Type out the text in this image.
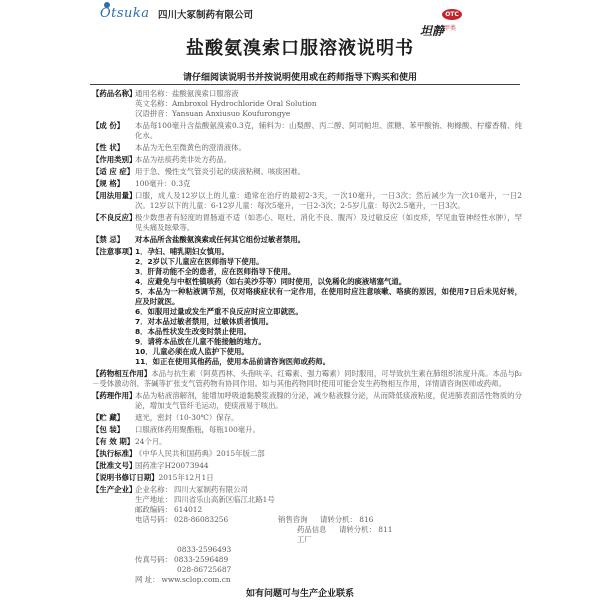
Otsuka 四川大冢制药有限公司	OTC
甲类
坦静
盐酸氨溴索口服溶液说明书
请仔细阅读说明书并按说明使用或在药师指导下购买和使用
【药品名称】
通用名称：盐酸氨溴索口服溶液
英文名称：Ambroxol Hydrochloride Oral Solution
汉语拼音：Yansuan Anxiusuo Koufurongye
【成 份】	本品每100毫升含盐酸氨溴索0.3克，辅料为：山梨醇、丙二醇、阿司帕坦、蔗糖、苯甲酸钠、枸橼酸、柠檬香精、纯化水。
【性 状】	本品为无色至微黄色的澄清液体。
【作用类别】
本品为祛痰药类非处方药品。
【适 应 症】 用于急、慢性支气管炎引起的痰液粘稠、咳痰困难。
【规 格】	100毫升：0.3克
【用法用量】
口服，成人及12岁以上的儿童：通常在治疗的最初2-3天，一次10毫升，一日3次；然后减少为一次10毫升，一日2次。12岁以下的儿童：6-12岁儿童：每次5毫升，一日2-3次；2-5岁儿童：每次2.5毫升，一日3次。
【不良反应】
极少数患者有轻度的胃肠道不适（如恶心、呕吐、消化不良、腹泻）及过敏反应（如皮疹，罕见血管神经性水肿），罕见头痛及眩晕等。
【禁 忌】	对本品所含盐酸氨溴索或任何其它组份过敏者禁用。
【注意事项】
1．孕妇、哺乳期妇女慎用。
2．2岁以下儿童应在医师指导下使用。
3．肝肾功能不全的患者，应在医师指导下使用。
4．应避免与中枢性镇咳药（如右美沙芬等）同时使用，以免稀化的痰液堵塞气道。
5．本品为一种粘液调节剂，仅对咯痰症状有一定作用，在使用时应注意咳嗽、咯痰的原因，如使用7日后未见好转，应及时就医。
6．如服用过量或发生严重不良反应时应立即就医。
7．对本品过敏者禁用，过敏体质者慎用。
8．本品性状发生改变时禁止使用。
9．请将本品放在儿童不能接触的地方。
10．儿童必须在成人监护下使用。
11．如正在使用其他药品，使用本品前请咨询医师或药师。
【药物相互作用】本品与抗生素（阿莫西林、头孢呋辛、红霉素、强力霉素）同时服用，可导致抗生素在肺组织浓度升高。本品与β₂－受体激动剂、茶碱等扩张支气管药物有协同作用。如与其他药物同时使用可能会发生药物相互作用，详情请咨询医师或药师。
【药理作用】
本品为粘液溶解剂，能增加呼吸道黏膜浆液腺的分泌，减少粘液腺分泌，从而降低痰液粘度，促进肺表面活性物质的分泌，增加支气管纤毛运动，使痰液易于咳出。
【贮 藏】	遮光，密封（10-30℃）保存。
【包 装】	口服液体药用聚酯瓶，每瓶100毫升。
【有 效 期】 24个月。
【执行标准】
《中华人民共和国药典》2015年版二部
【批准文号】
国药准字H20073944
【说明书修订日期】2015年12月1日
【生产企业】
企业名称： 四川大冢制药有限公司
生产地址： 四川省乐山高新区临江北路1号
邮政编码： 614012
电话号码： 028-86083256	销售咨询	请转分机： 816
药品信息	请转分机： 811
工厂
0833-2596493
传真号码： 0833-2596489
028-86725687
网 址： www.sclop.com.cn
如有问题可与生产企业联系
